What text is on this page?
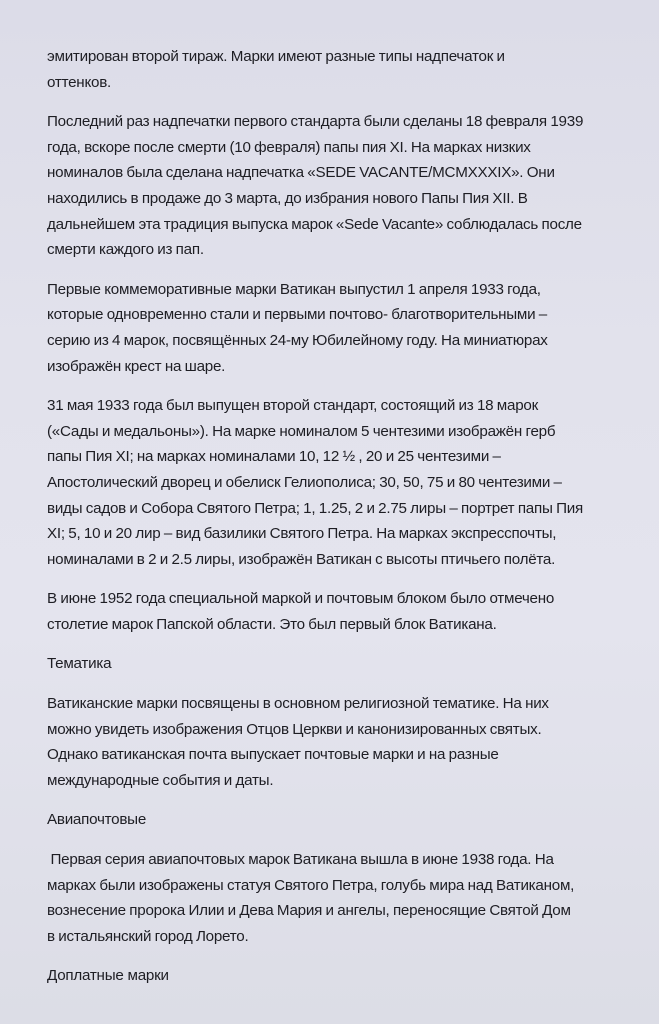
эмитирован второй тираж. Марки имеют разные типы надпечаток и
оттенков.
Последний раз надпечатки первого стандарта были сделаны 18 февраля 1939
года, вскоре после смерти (10 февраля) папы пия XI. На марках низких
номиналов была сделана надпечатка «SEDE VACANTE/MCMXXXIX». Они
находились в продаже до 3 марта, до избрания нового Папы Пия XII. В
дальнейшем эта традиция выпуска марок «Sede Vacante» соблюдалась после
смерти каждого из пап.
Первые коммеморативные марки Ватикан выпустил 1 апреля 1933 года,
которые одновременно стали и первыми почтово- благотворительными –
серию из 4 марок, посвящённых 24-му Юбилейному году. На миниатюрах
изображён крест на шаре.
31 мая 1933 года был выпущен второй стандарт, состоящий из 18 марок
(«Сады и медальоны»). На марке номиналом 5 чентезими изображён герб
папы Пия XI; на марках номиналами 10, 12 ½ , 20 и 25 чентезими –
Апостолический дворец и обелиск Гелиополиса; 30, 50, 75 и 80 чентезими –
виды садов и Собора Святого Петра; 1, 1.25, 2 и 2.75 лиры – портрет папы Пия
XI; 5, 10 и 20 лир – вид базилики Святого Петра. На марках экспресспочты,
номиналами в 2 и 2.5 лиры, изображён Ватикан с высоты птичьего полёта.
В июне 1952 года специальной маркой и почтовым блоком было отмечено
столетие марок Папской области. Это был первый блок Ватикана.
Тематика
Ватиканские марки посвящены в основном религиозной тематике. На них
можно увидеть изображения Отцов Церкви и канонизированных святых.
Однако ватиканская почта выпускает почтовые марки и на разные
международные события и даты.
Авиапочтовые
Первая серия авиапочтовых марок Ватикана вышла в июне 1938 года. На
марках были изображены статуя Святого Петра, голубь мира над Ватиканом,
вознесение пророка Илии и Дева Мария и ангелы, переносящие Святой Дом
в истальянский город Лорето.
Доплатные марки
